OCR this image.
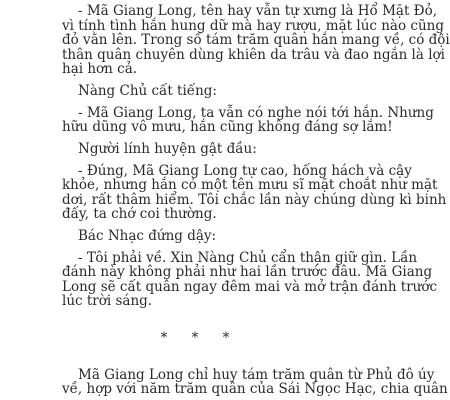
- Mã Giang Long, tên hay vẫn tự xưng là Hổ Mặt Đỏ,
vì tính tình hắn hung dữ mà hay rượu, mặt lúc nào cũng
đỏ vằn lên. Trong số tám trăm quân hắn mang về, có đội
thân quân chuyên dùng khiên da trâu và đao ngắn là lợi
hại hơn cả.
Nàng Chủ cất tiếng:
- Mã Giang Long, ta vẫn có nghe nói tới hắn. Nhưng
hữu dũng vô mưu, hắn cũng không đáng sợ lắm!
Người lính huyện gật đầu:
- Đúng, Mã Giang Long tự cao, hống hách và cậy
khỏe, nhưng hắn có một tên mưu sĩ mặt choắt như mặt
dơi, rất thâm hiểm. Tôi chắc lần này chúng dùng kì binh
đấy, ta chớ coi thường.
Bác Nhạc đứng dậy:
- Tôi phải về. Xin Nàng Chủ cẩn thận giữ gìn. Lần
đánh này không phải như hai lần trước đâu. Mã Giang
Long sẽ cất quân ngay đêm mai và mở trận đánh trước
lúc trời sáng.
* * *
Mã Giang Long chỉ huy tám trăm quân từ Phủ đô úy
về, hợp với năm trăm quân của Sái Ngọc Hạc, chia quân
